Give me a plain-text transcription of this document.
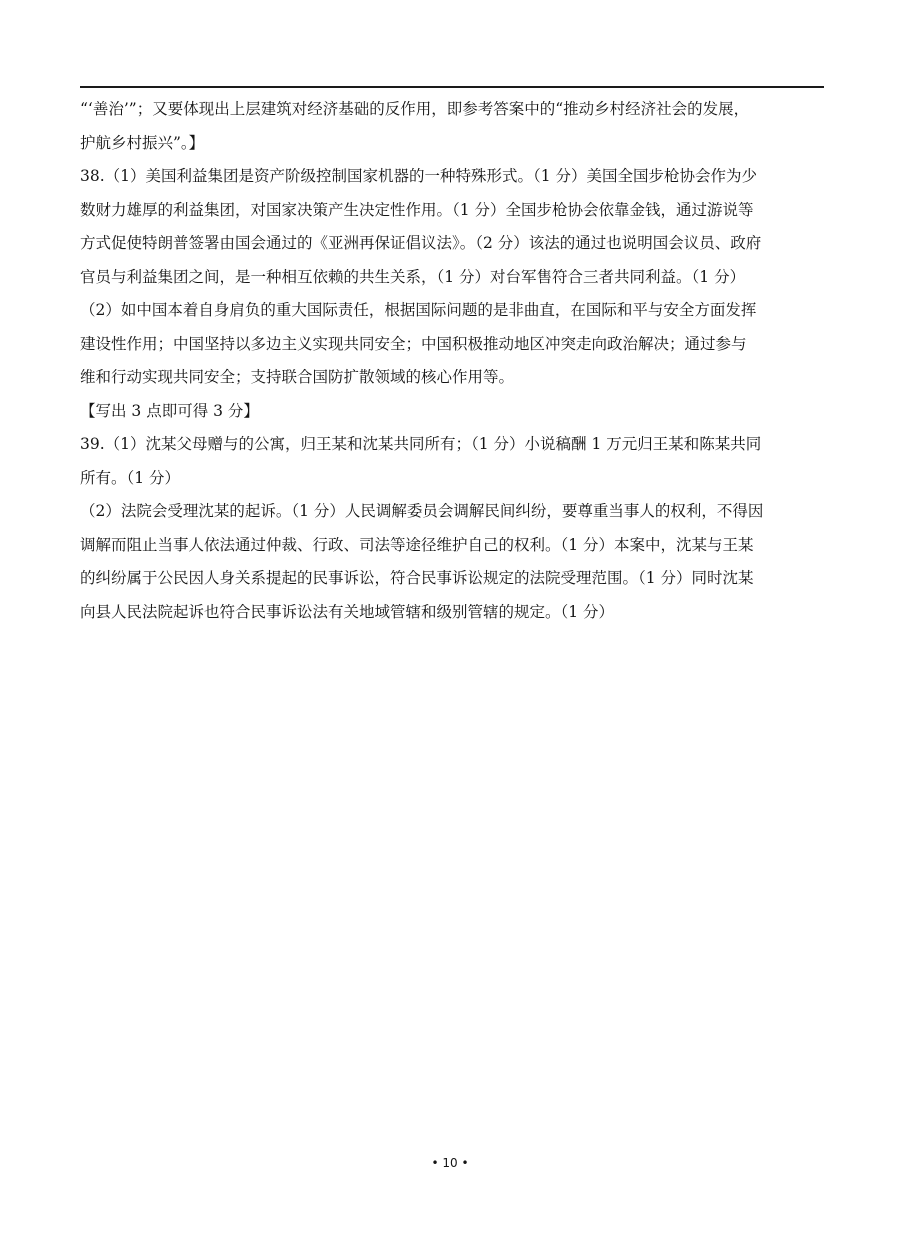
“‘善治’”；又要体现出上层建筑对经济基础的反作用，即参考答案中的“推动乡村经济社会的发展，
护航乡村振兴”。】
38.（1）美国利益集团是资产阶级控制国家机器的一种特殊形式。（1 分）美国全国步枪协会作为少
数财力雄厚的利益集团，对国家决策产生决定性作用。（1 分）全国步枪协会依靠金钱，通过游说等
方式促使特朗普签署由国会通过的《亚洲再保证倡议法》。（2 分）该法的通过也说明国会议员、政府
官员与利益集团之间，是一种相互依赖的共生关系，（1 分）对台军售符合三者共同利益。（1 分）
（2）如中国本着自身肩负的重大国际责任，根据国际问题的是非曲直，在国际和平与安全方面发挥
建设性作用；中国坚持以多边主义实现共同安全；中国积极推动地区冲突走向政治解决；通过参与
维和行动实现共同安全；支持联合国防扩散领域的核心作用等。
【写出 3 点即可得 3 分】
39.（1）沈某父母赠与的公寓，归王某和沈某共同所有；（1 分）小说稿酬 1 万元归王某和陈某共同
所有。（1 分）
（2）法院会受理沈某的起诉。（1 分）人民调解委员会调解民间纠纷，要尊重当事人的权利，不得因
调解而阻止当事人依法通过仲裁、行政、司法等途径维护自己的权利。（1 分）本案中，沈某与王某
的纠纷属于公民因人身关系提起的民事诉讼，符合民事诉讼规定的法院受理范围。（1 分）同时沈某
向县人民法院起诉也符合民事诉讼法有关地域管辖和级别管辖的规定。（1 分）
• 10 •
